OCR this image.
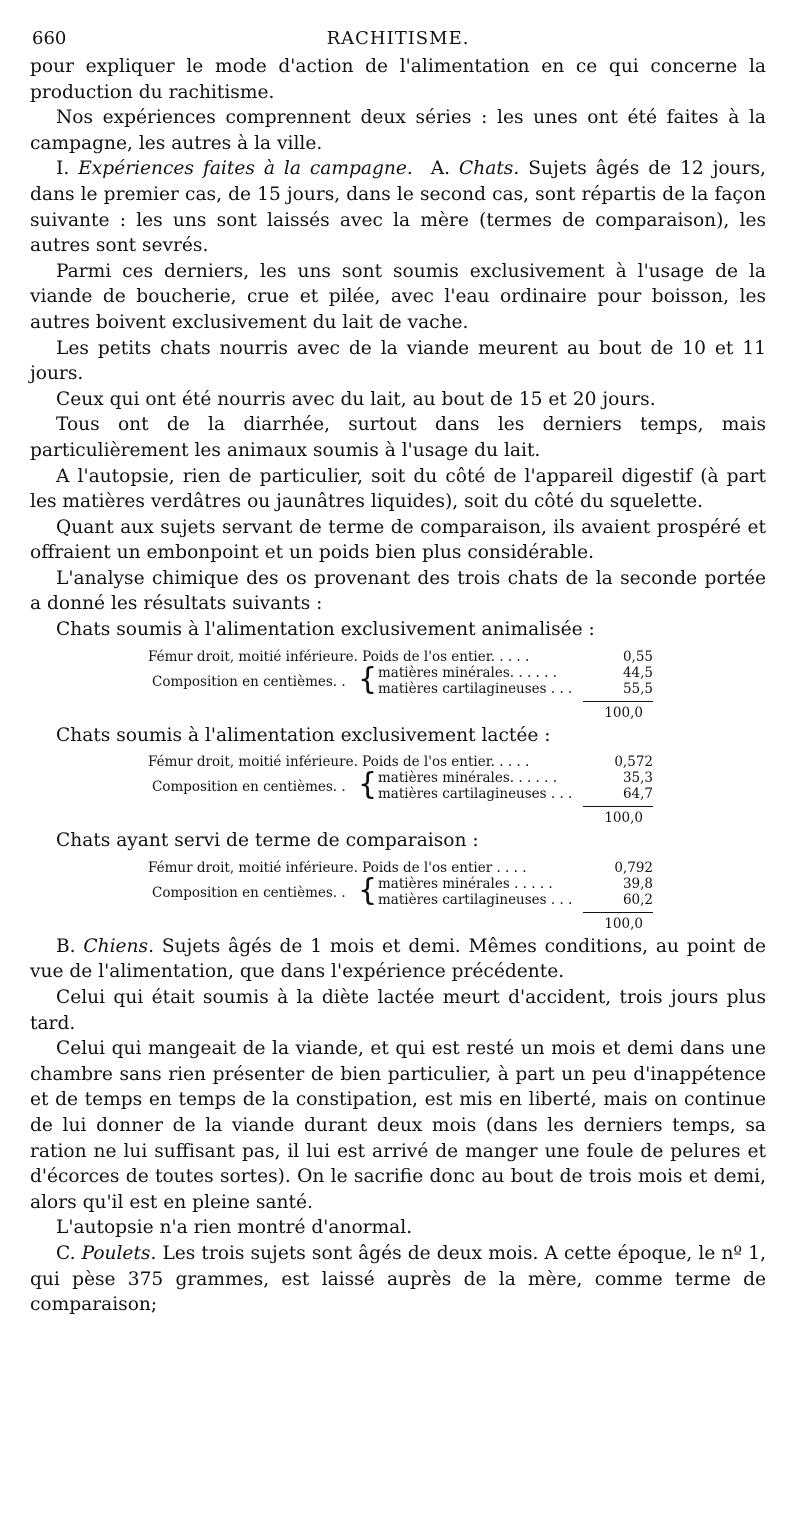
660	RACHITISME.

pour expliquer le mode d'action de l'alimentation en ce qui concerne la production du rachitisme.

Nos expériences comprennent deux séries : les unes ont été faites à la campagne, les autres à la ville.

I. Expériences faites à la campagne. A. Chats. Sujets âgés de 12 jours, dans le premier cas, de 15 jours, dans le second cas, sont répartis de la façon suivante : les uns sont laissés avec la mère (termes de comparaison), les autres sont sevrés.

Parmi ces derniers, les uns sont soumis exclusivement à l'usage de la viande de boucherie, crue et pilée, avec l'eau ordinaire pour boisson, les autres boivent exclusivement du lait de vache.

Les petits chats nourris avec de la viande meurent au bout de 10 et 11 jours.

Ceux qui ont été nourris avec du lait, au bout de 15 et 20 jours.

Tous ont de la diarrhée, surtout dans les derniers temps, mais particulièrement les animaux soumis à l'usage du lait.

A l'autopsie, rien de particulier, soit du côté de l'appareil digestif (à part les matières verdâtres ou jaunâtres liquides), soit du côté du squelette.

Quant aux sujets servant de terme de comparaison, ils avaient prospéré et offraient un embonpoint et un poids bien plus considérable.

L'analyse chimique des os provenant des trois chats de la seconde portée a donné les résultats suivants :

Chats soumis à l'alimentation exclusivement animalisée :

Fémur droit, moitié inférieure. Poids de l'os entier. . . . .	0,55
Composition en centièmes. . { matières minérales. . . . . .	44,5
matières cartilagineuses . . .	55,5
100,0

Chats soumis à l'alimentation exclusivement lactée :

Fémur droit, moitié inférieure. Poids de l'os entier. . . . .	0,572
Composition en centièmes. . { matières minérales. . . . . .	35,3
matières cartilagineuses . . .	64,7
100,0

Chats ayant servi de terme de comparaison :

Fémur droit, moitié inférieure. Poids de l'os entier . . . .	0,792
Composition en centièmes. . { matières minérales . . . . .	39,8
matières cartilagineuses . . .	60,2
100,0

B. Chiens. Sujets âgés de 1 mois et demi. Mêmes conditions, au point de vue de l'alimentation, que dans l'expérience précédente.

Celui qui était soumis à la diète lactée meurt d'accident, trois jours plus tard.

Celui qui mangeait de la viande, et qui est resté un mois et demi dans une chambre sans rien présenter de bien particulier, à part un peu d'inappétence et de temps en temps de la constipation, est mis en liberté, mais on continue de lui donner de la viande durant deux mois (dans les derniers temps, sa ration ne lui suffisant pas, il lui est arrivé de manger une foule de pelures et d'écorces de toutes sortes). On le sacrifie donc au bout de trois mois et demi, alors qu'il est en pleine santé.

L'autopsie n'a rien montré d'anormal.

C. Poulets. Les trois sujets sont âgés de deux mois. A cette époque, le nº 1, qui pèse 375 grammes, est laissé auprès de la mère, comme terme de comparaison;
